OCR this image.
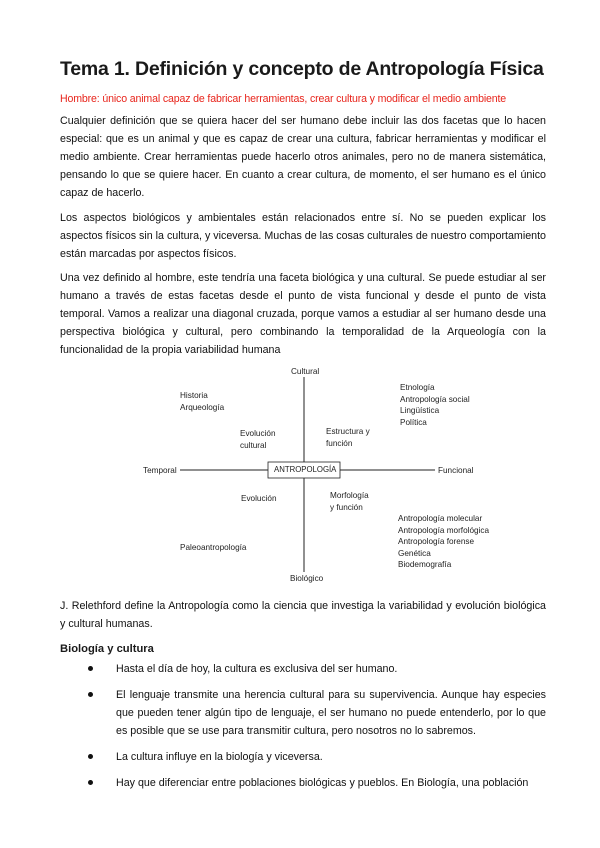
Tema 1. Definición y concepto de Antropología Física
Hombre: único animal capaz de fabricar herramientas, crear cultura y modificar el medio ambiente
Cualquier definición que se quiera hacer del ser humano debe incluir las dos facetas que lo hacen especial: que es un animal y que es capaz de crear una cultura, fabricar herramientas y modificar el medio ambiente. Crear herramientas puede hacerlo otros animales, pero no de manera sistemática, pensando lo que se quiere hacer. En cuanto a crear cultura, de momento, el ser humano es el único capaz de hacerlo.
Los aspectos biológicos y ambientales están relacionados entre sí. No se pueden explicar los aspectos físicos sin la cultura, y viceversa. Muchas de las cosas culturales de nuestro comportamiento están marcadas por aspectos físicos.
Una vez definido al hombre, este tendría una faceta biológica y una cultural. Se puede estudiar al ser humano a través de estas facetas desde el punto de vista funcional y desde el punto de vista temporal. Vamos a realizar una diagonal cruzada, porque vamos a estudiar al ser humano desde una perspectiva biológica y cultural, pero combinando la temporalidad de la Arqueología con la funcionalidad de la propia variabilidad humana
Cultural
Biológico
Temporal	Funcional
ANTROPOLOGÍA
Historia
Arqueología
Evolución
cultural
Estructura y
función
Etnología
Antropología social
Lingüística
Política
Evolución
Paleoantropología
Morfología
y función
Antropología molecular
Antropología morfológica
Antropología forense
Genética
Biodemografía
J. Relethford define la Antropología como la ciencia que investiga la variabilidad y evolución biológica y cultural humanas.
Biología y cultura
Hasta el día de hoy, la cultura es exclusiva del ser humano.
El lenguaje transmite una herencia cultural para su supervivencia. Aunque hay especies que pueden tener algún tipo de lenguaje, el ser humano no puede entenderlo, por lo que es posible que se use para transmitir cultura, pero nosotros no lo sabremos.
La cultura influye en la biología y viceversa.
Hay que diferenciar entre poblaciones biológicas y pueblos. En Biología, una población
